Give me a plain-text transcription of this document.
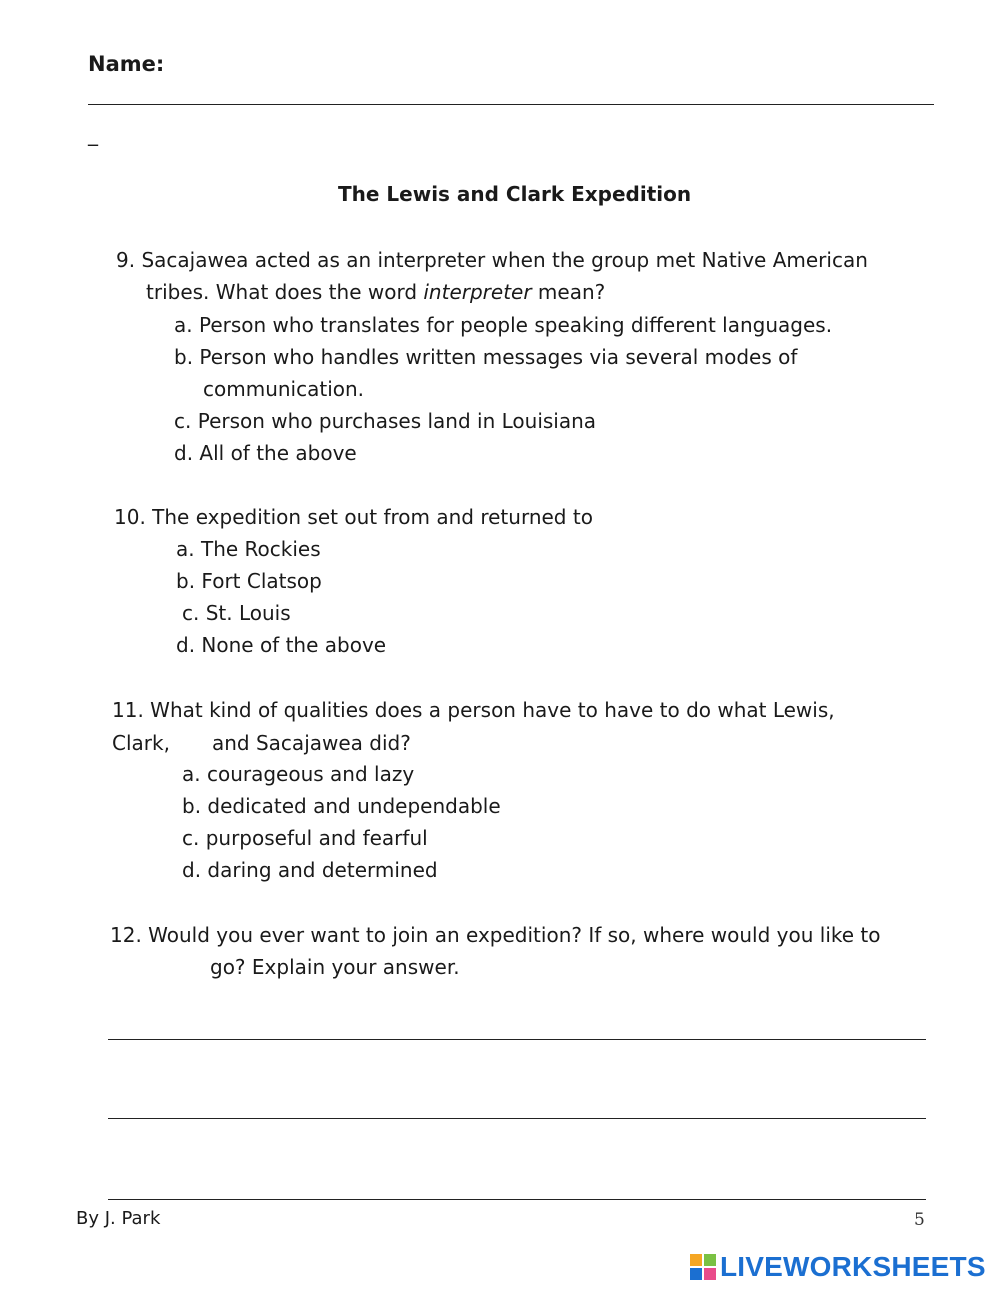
Name:
_
The Lewis and Clark Expedition
9. Sacajawea acted as an interpreter when the group met Native American
tribes. What does the word interpreter mean?
a. Person who translates for people speaking different languages.
b. Person who handles written messages via several modes of
communication.
c. Person who purchases land in Louisiana
d. All of the above
10. The expedition set out from and returned to
a. The Rockies
b. Fort Clatsop
c. St. Louis
d. None of the above
11. What kind of qualities does a person have to have to do what Lewis,
Clark, and Sacajawea did?
a. courageous and lazy
b. dedicated and undependable
c. purposeful and fearful
d. daring and determined
12. Would you ever want to join an expedition? If so, where would you like to
go? Explain your answer.
By J. Park	5
LIVEWORKSHEETS
